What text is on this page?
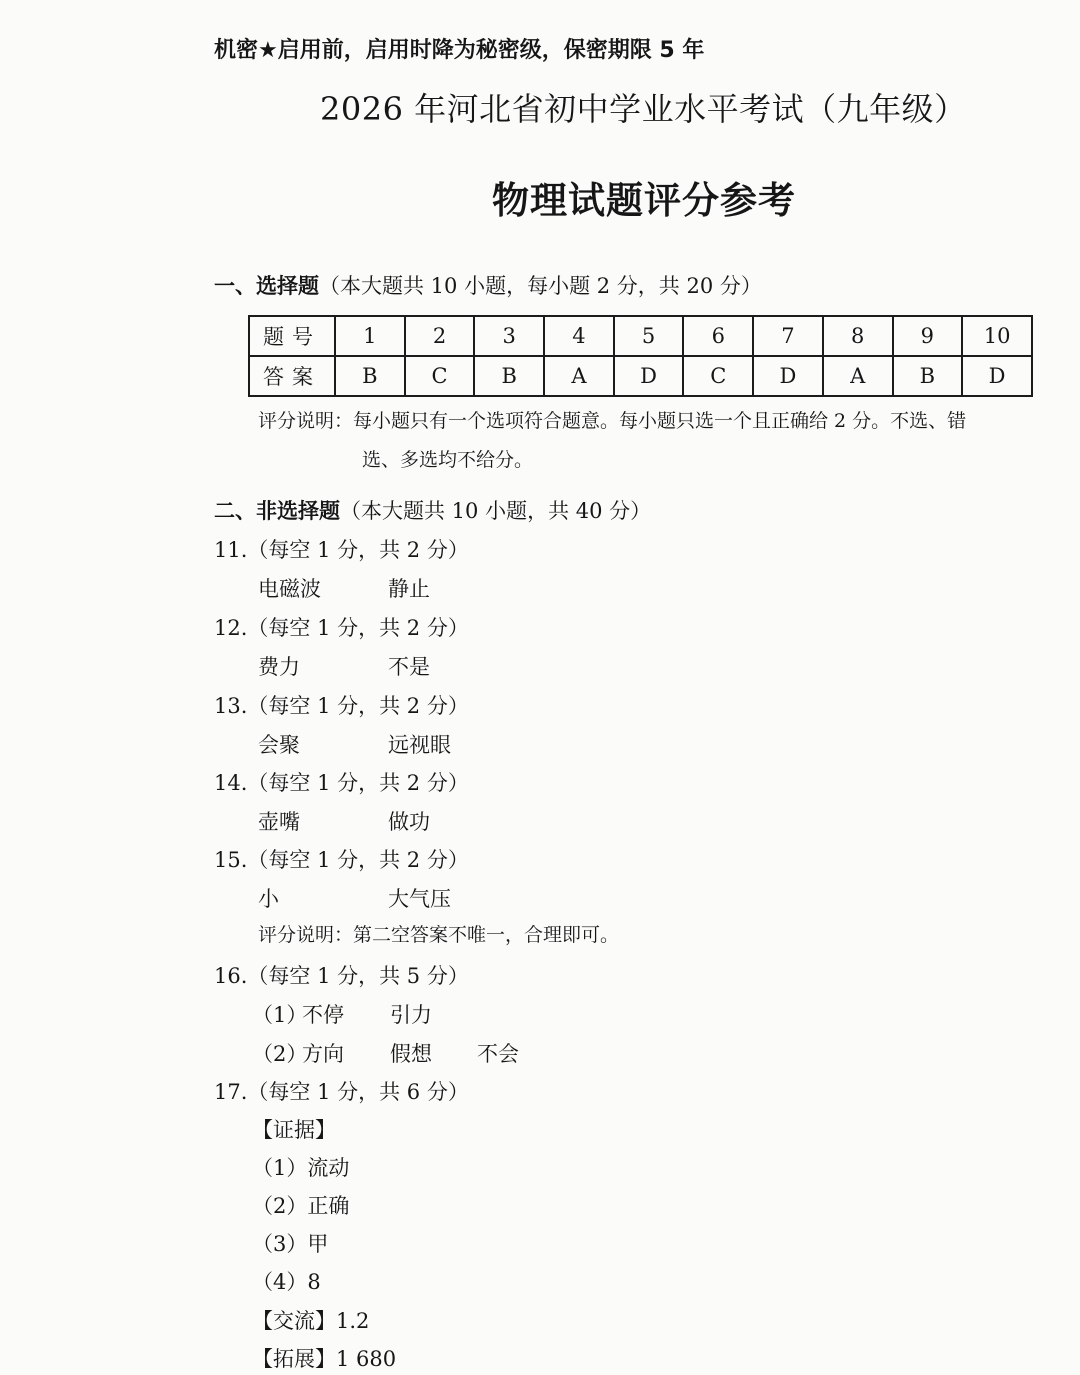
机密★启用前，启用时降为秘密级，保密期限 5 年
2026 年河北省初中学业水平考试（九年级）
物理试题评分参考
一、选择题（本大题共 10 小题，每小题 2 分，共 20 分）
题号	1	2	3	4	5	6	7	8	9	10
答案	B	C	B	A	D	C	D	A	B	D
评分说明：每小题只有一个选项符合题意。每小题只选一个且正确给 2 分。不选、错
选、多选均不给分。
二、非选择题（本大题共 10 小题，共 40 分）
11.（每空 1 分，共 2 分）
电磁波	静止
12.（每空 1 分，共 2 分）
费力	不是
13.（每空 1 分，共 2 分）
会聚	远视眼
14.（每空 1 分，共 2 分）
壶嘴	做功
15.（每空 1 分，共 2 分）
小	大气压
评分说明：第二空答案不唯一，合理即可。
16.（每空 1 分，共 5 分）
（1）
不停 引力
（2）
方向 假想 不会
17.（每空 1 分，共 6 分）
【证据】
（1）流动
（2）正确
（3）甲
（4）8
【交流】1.2
【拓展】1 680
